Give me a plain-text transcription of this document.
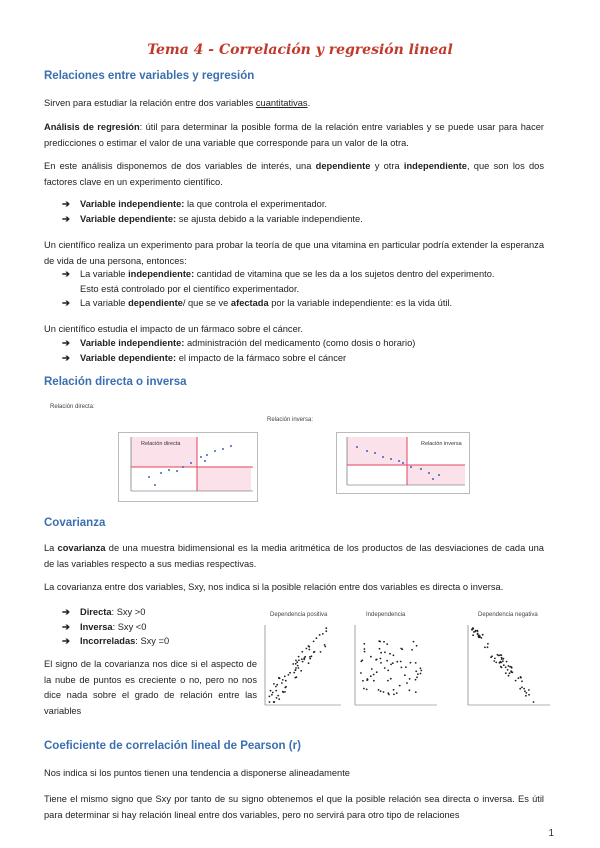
Tema 4 - Correlación y regresión lineal
Relaciones entre variables y regresión
Sirven para estudiar la relación entre dos variables cuantitativas.
Análisis de regresión: útil para determinar la posible forma de la relación entre variables y se puede usar para hacer predicciones o estimar el valor de una variable que corresponde para un valor de la otra.
En este análisis disponemos de dos variables de interés, una dependiente y otra independiente, que son los dos factores clave en un experimento científico.
➔ Variable independiente: la que controla el experimentador.
➔ Variable dependiente: se ajusta debido a la variable independiente.
Un científico realiza un experimento para probar la teoría de que una vitamina en particular podría extender la esperanza de vida de una persona, entonces:
➔ La variable independiente: cantidad de vitamina que se les da a los sujetos dentro del experimento.
Esto está controlado por el científico experimentador.
➔ La variable dependiente/ que se ve afectada por la variable independiente: es la vida útil.
Un científico estudia el impacto de un fármaco sobre el cáncer.
➔ Variable independiente: administración del medicamento (como dosis o horario)
➔ Variable dependiente: el impacto de la fármaco sobre el cáncer
Relación directa o inversa
Relación directa:
Relación inversa:
Relación directa	Relación inversa
Covarianza
La covarianza de una muestra bidimensional es la media aritmética de los productos de las desviaciones de cada una de las variables respecto a sus medias respectivas.
La covarianza entre dos variables, Sxy, nos indica si la posible relación entre dos variables es directa o inversa.
➔ Directa: Sxy >0
➔ Inversa: Sxy <0
➔ Incorreladas: Sxy =0
El signo de la covarianza nos dice si el aspecto de la nube de puntos es creciente o no, pero no nos dice nada sobre el grado de relación entre las variables
Dependencia positiva	Independencia	Dependencia negativa
Coeficiente de correlación lineal de Pearson (r)
Nos indica si los puntos tienen una tendencia a disponerse alineadamente
Tiene el mismo signo que Sxy por tanto de su signo obtenemos el que la posible relación sea directa o inversa. Es útil para determinar si hay relación lineal entre dos variables, pero no servirá para otro tipo de relaciones
1
